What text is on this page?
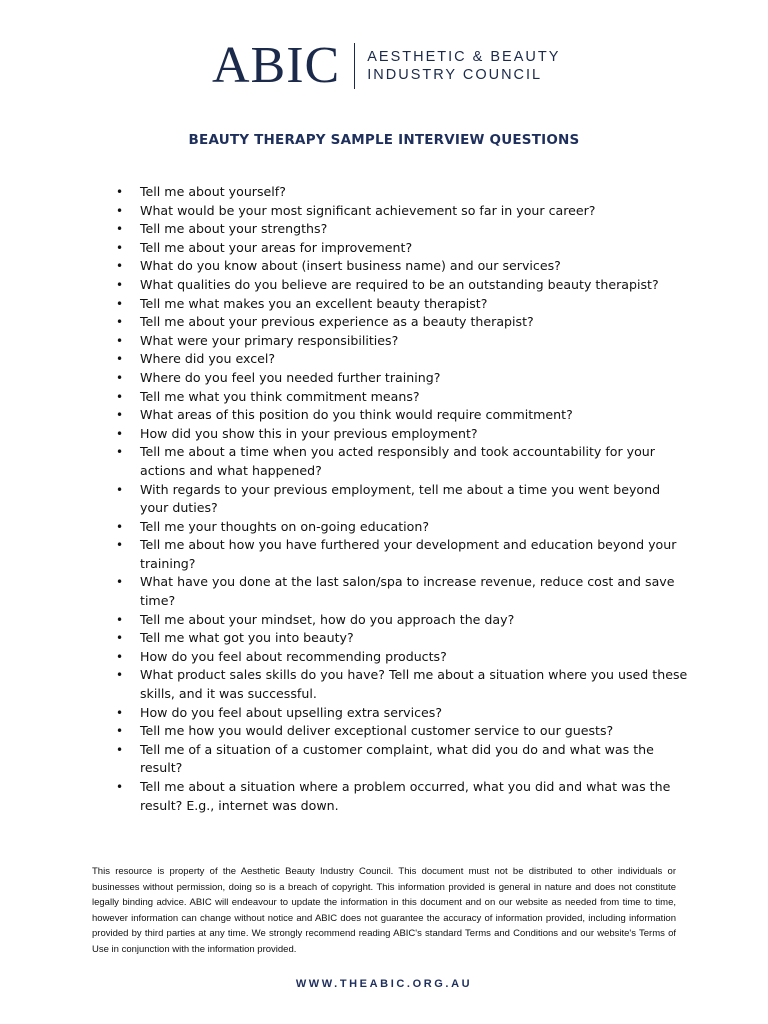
ABIC AESTHETIC & BEAUTY
INDUSTRY COUNCIL
BEAUTY THERAPY SAMPLE INTERVIEW QUESTIONS
• Tell me about yourself?
• What would be your most significant achievement so far in your career?
• Tell me about your strengths?
• Tell me about your areas for improvement?
• What do you know about (insert business name) and our services?
• What qualities do you believe are required to be an outstanding beauty therapist?
• Tell me what makes you an excellent beauty therapist?
• Tell me about your previous experience as a beauty therapist?
• What were your primary responsibilities?
• Where did you excel?
• Where do you feel you needed further training?
• Tell me what you think commitment means?
• What areas of this position do you think would require commitment?
• How did you show this in your previous employment?
• Tell me about a time when you acted responsibly and took accountability for your actions and what happened?
• With regards to your previous employment, tell me about a time you went beyond your duties?
• Tell me your thoughts on on-going education?
• Tell me about how you have furthered your development and education beyond your training?
• What have you done at the last salon/spa to increase revenue, reduce cost and save time?
• Tell me about your mindset, how do you approach the day?
• Tell me what got you into beauty?
• How do you feel about recommending products?
• What product sales skills do you have? Tell me about a situation where you used these skills, and it was successful.
• How do you feel about upselling extra services?
• Tell me how you would deliver exceptional customer service to our guests?
• Tell me of a situation of a customer complaint, what did you do and what was the result?
• Tell me about a situation where a problem occurred, what you did and what was the result? E.g., internet was down.

This resource is property of the Aesthetic Beauty Industry Council. This document must not be distributed to other individuals or businesses without permission, doing so is a breach of copyright. This information provided is general in nature and does not constitute legally binding advice. ABIC will endeavour to update the information in this document and on our website as needed from time to time, however information can change without notice and ABIC does not guarantee the accuracy of information provided, including information provided by third parties at any time. We strongly recommend reading ABIC's standard Terms and Conditions and our website's Terms of Use in conjunction with the information provided.

WWW.THEABIC.ORG.AU
